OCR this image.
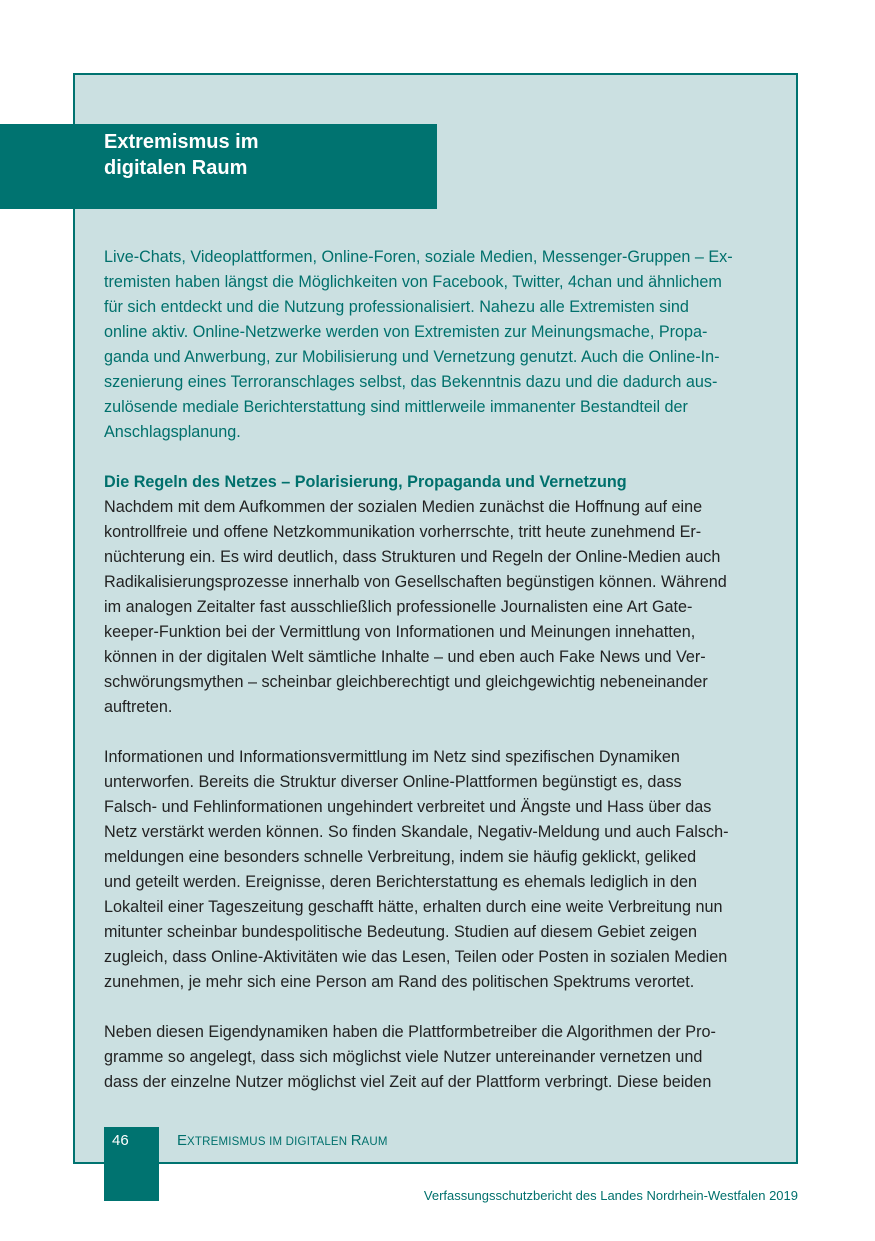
Extremismus im
digitalen Raum

Live-Chats, Videoplattformen, Online-Foren, soziale Medien, Messenger-Gruppen – Ex-
tremisten haben längst die Möglichkeiten von Facebook, Twitter, 4chan und ähnlichem
für sich entdeckt und die Nutzung professionalisiert. Nahezu alle Extremisten sind
online aktiv. Online-Netzwerke werden von Extremisten zur Meinungsmache, Propa-
ganda und Anwerbung, zur Mobilisierung und Vernetzung genutzt. Auch die Online-In-
szenierung eines Terroranschlages selbst, das Bekenntnis dazu und die dadurch aus-
zulösende mediale Berichterstattung sind mittlerweile immanenter Bestandteil der
Anschlagsplanung.

Die Regeln des Netzes – Polarisierung, Propaganda und Vernetzung

Nachdem mit dem Aufkommen der sozialen Medien zunächst die Hoffnung auf eine
kontrollfreie und offene Netzkommunikation vorherrschte, tritt heute zunehmend Er-
nüchterung ein. Es wird deutlich, dass Strukturen und Regeln der Online-Medien auch
Radikalisierungsprozesse innerhalb von Gesellschaften begünstigen können. Während
im analogen Zeitalter fast ausschließlich professionelle Journalisten eine Art Gate-
keeper-Funktion bei der Vermittlung von Informationen und Meinungen innehatten,
können in der digitalen Welt sämtliche Inhalte – und eben auch Fake News und Ver-
schwörungsmythen – scheinbar gleichberechtigt und gleichgewichtig nebeneinander
auftreten.

Informationen und Informationsvermittlung im Netz sind spezifischen Dynamiken
unterworfen. Bereits die Struktur diverser Online-Plattformen begünstigt es, dass
Falsch- und Fehlinformationen ungehindert verbreitet und Ängste und Hass über das
Netz verstärkt werden können. So finden Skandale, Negativ-Meldung und auch Falsch-
meldungen eine besonders schnelle Verbreitung, indem sie häufig geklickt, geliked
und geteilt werden. Ereignisse, deren Berichterstattung es ehemals lediglich in den
Lokalteil einer Tageszeitung geschafft hätte, erhalten durch eine weite Verbreitung nun
mitunter scheinbar bundespolitische Bedeutung. Studien auf diesem Gebiet zeigen
zugleich, dass Online-Aktivitäten wie das Lesen, Teilen oder Posten in sozialen Medien
zunehmen, je mehr sich eine Person am Rand des politischen Spektrums verortet.

Neben diesen Eigendynamiken haben die Plattformbetreiber die Algorithmen der Pro-
gramme so angelegt, dass sich möglichst viele Nutzer untereinander vernetzen und
dass der einzelne Nutzer möglichst viel Zeit auf der Plattform verbringt. Diese beiden

46	EXTREMISMUS IM DIGITALEN RAUM
Verfassungsschutzbericht des Landes Nordrhein-Westfalen 2019
